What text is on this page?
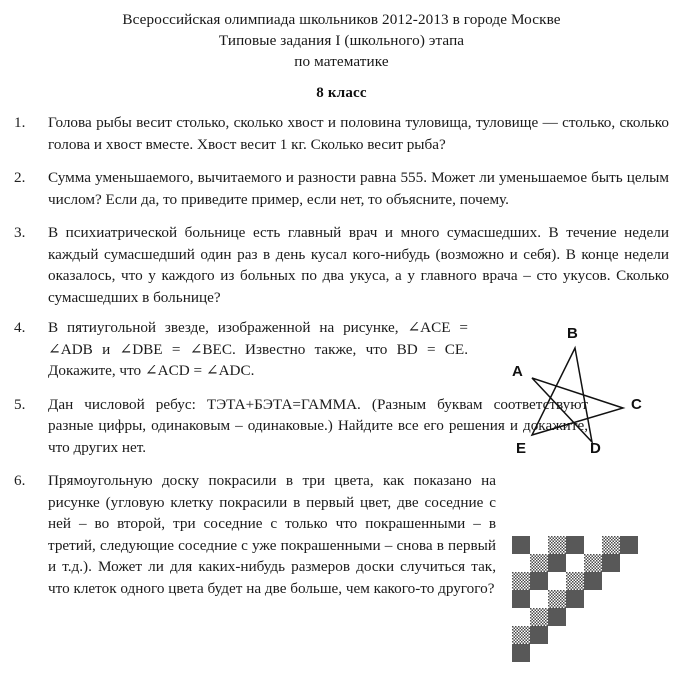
Всероссийская олимпиада школьников 2012-2013 в городе Москве
Типовые задания I (школьного) этапа
по математике
8 класс
1. Голова рыбы весит столько, сколько хвост и половина туловища, туловище — столько, сколько голова и хвост вместе. Хвост весит 1 кг. Сколько весит рыба?
2. Сумма уменьшаемого, вычитаемого и разности равна 555. Может ли уменьшаемое быть целым числом? Если да, то приведите пример, если нет, то объясните, почему.
3. В психиатрической больнице есть главный врач и много сумасшедших. В течение недели каждый сумасшедший один раз в день кусал кого-нибудь (возможно и себя). В конце недели оказалось, что у каждого из больных по два укуса, а у главного врача – сто укусов. Сколько сумасшедших в больнице?
4. В пятиугольной звезде, изображенной на рисунке, ∠ACE = ∠ADB и ∠DBE = ∠BEC. Известно также, что BD = CE. Докажите, что ∠ACD = ∠ADC.
5. Дан числовой ребус: ТЭТА+БЭТА=ГАММА. (Разным буквам соответствуют разные цифры, одинаковым – одинаковые.) Найдите все его решения и докажите, что других нет.
6. Прямоугольную доску покрасили в три цвета, как показано на рисунке (угловую клетку покрасили в первый цвет, две соседние с ней – во второй, три соседние с только что покрашенными – в третий, следующие соседние с уже покрашенными – снова в первый и т.д.). Может ли для каких-нибудь размеров доски случиться так, что клеток одного цвета будет на две больше, чем какого-то другого?
A
B
C
D
E
